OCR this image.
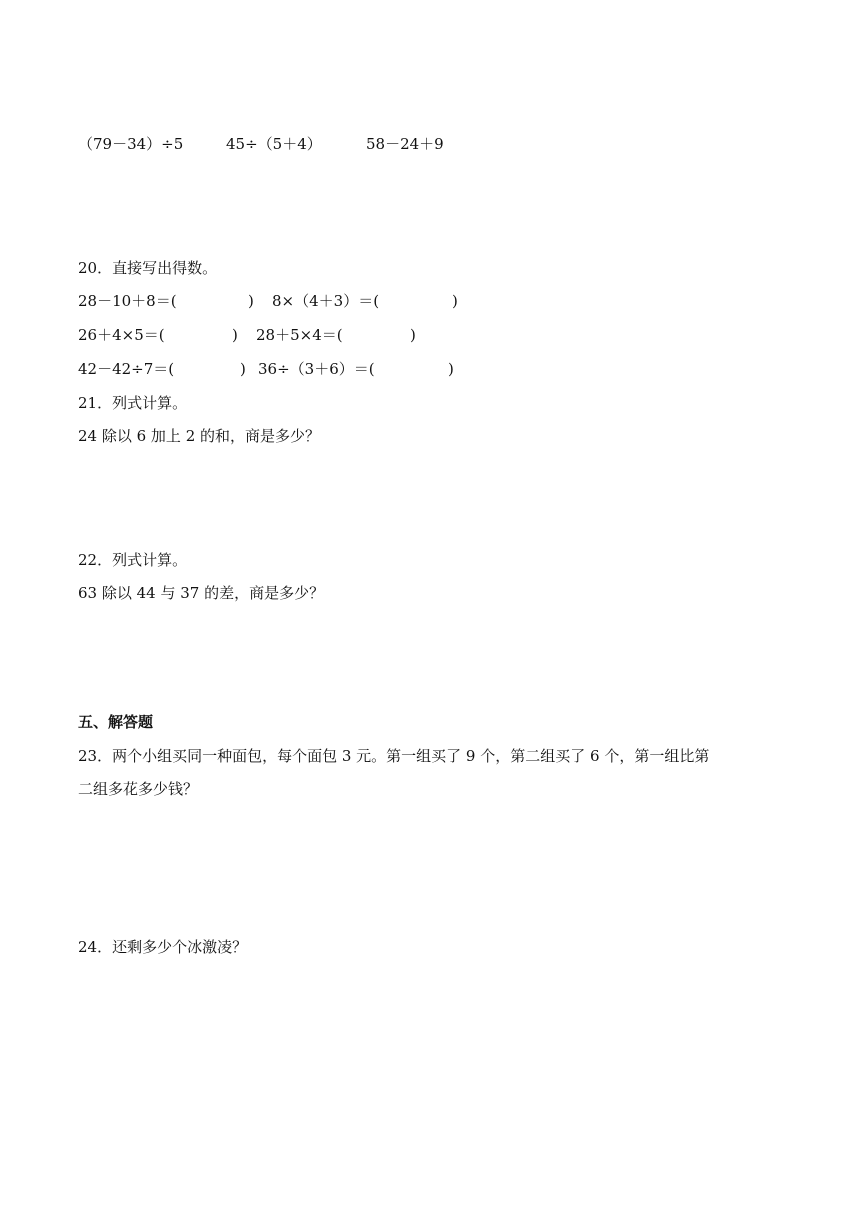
（79－34）÷5

	45÷（5＋4）

	58－24＋9

20．直接写出得数。

28－10＋8＝(

	)

8×（4＋3）＝(

	)

26＋4×5＝(

	)

28＋5×4＝(

	)

42－42÷7＝(

	)

36÷（3＋6）＝(

	)

21．列式计算。
24 除以 6 加上 2 的和，商是多少？
22．列式计算。
63 除以 44 与 37 的差，商是多少？
五、解答题
23．两个小组买同一种面包，每个面包 3 元。第一组买了 9 个，第二组买了 6 个，第一组比第
二组多花多少钱？
24．还剩多少个冰激凌？
